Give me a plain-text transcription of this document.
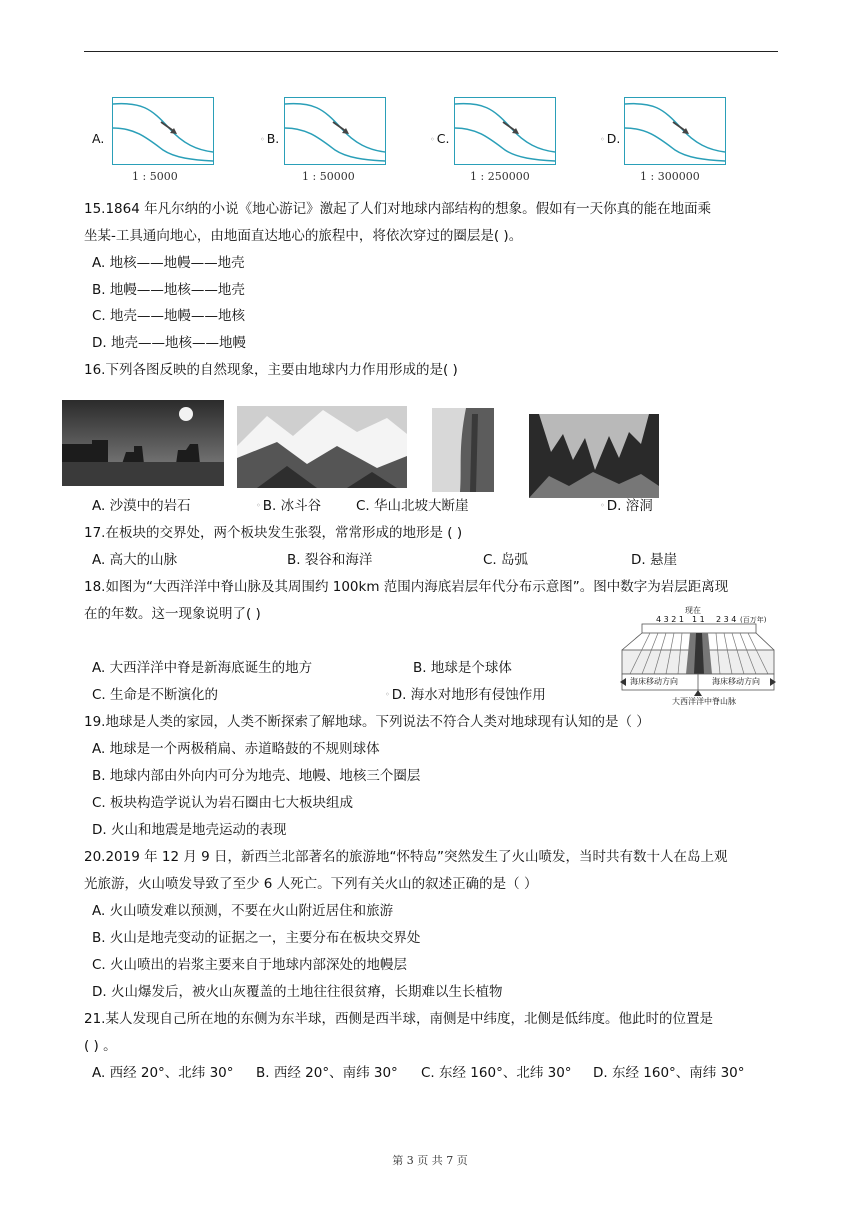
A.
1 : 5000
◦ B.
1 : 50000
◦ C.
1 : 250000
◦ D.
1 : 300000
15.1864 年凡尔纳的小说《地心游记》激起了人们对地球内部结构的想象。假如有一天你真的能在地面乘
坐某-工具通向地心，由地面直达地心的旅程中，将依次穿过的圈层是( )。
A. 地核——地幔——地壳
B. 地幔——地核——地壳
C. 地壳——地幔——地核
D. 地壳——地核——地幔
16.下列各图反映的自然现象，主要由地球内力作用形成的是( )
A. 沙漠中的岩石	◦ B. 冰斗谷	C. 华山北坡大断崖	◦ D. 溶洞
17.在板块的交界处，两个板块发生张裂，常常形成的地形是 ( )
A. 高大的山脉	B. 裂谷和海洋	C. 岛弧	D. 悬崖
18.如图为“大西洋洋中脊山脉及其周围约 100km 范围内海底岩层年代分布示意图”。图中数字为岩层距离现
在的年数。这一现象说明了( )	现在
4 3 2 1 1 1 2 3 4 (百万年)
海床移动方向	海床移动方向
大西洋洋中脊山脉
A. 大西洋洋中脊是新海底诞生的地方	B. 地球是个球体
C. 生命是不断演化的	◦ D. 海水对地形有侵蚀作用
19.地球是人类的家园，人类不断探索了解地球。下列说法不符合人类对地球现有认知的是（ ）
A. 地球是一个两极稍扁、赤道略鼓的不规则球体
B. 地球内部由外向内可分为地壳、地幔、地核三个圈层
C. 板块构造学说认为岩石圈由七大板块组成
D. 火山和地震是地壳运动的表现
20.2019 年 12 月 9 日，新西兰北部著名的旅游地“怀特岛”突然发生了火山喷发，当时共有数十人在岛上观
光旅游，火山喷发导致了至少 6 人死亡。下列有关火山的叙述正确的是（ ）
A. 火山喷发难以预测，不要在火山附近居住和旅游
B. 火山是地壳变动的证据之一，主要分布在板块交界处
C. 火山喷出的岩浆主要来自于地球内部深处的地幔层
D. 火山爆发后，被火山灰覆盖的土地往往很贫瘠，长期难以生长植物
21.某人发现自己所在地的东侧为东半球，西侧是西半球，南侧是中纬度，北侧是低纬度。他此时的位置是
( ) 。
A. 西经 20°、北纬 30° B. 西经 20°、南纬 30° C. 东经 160°、北纬 30° D. 东经 160°、南纬 30°
第 3 页 共 7 页
